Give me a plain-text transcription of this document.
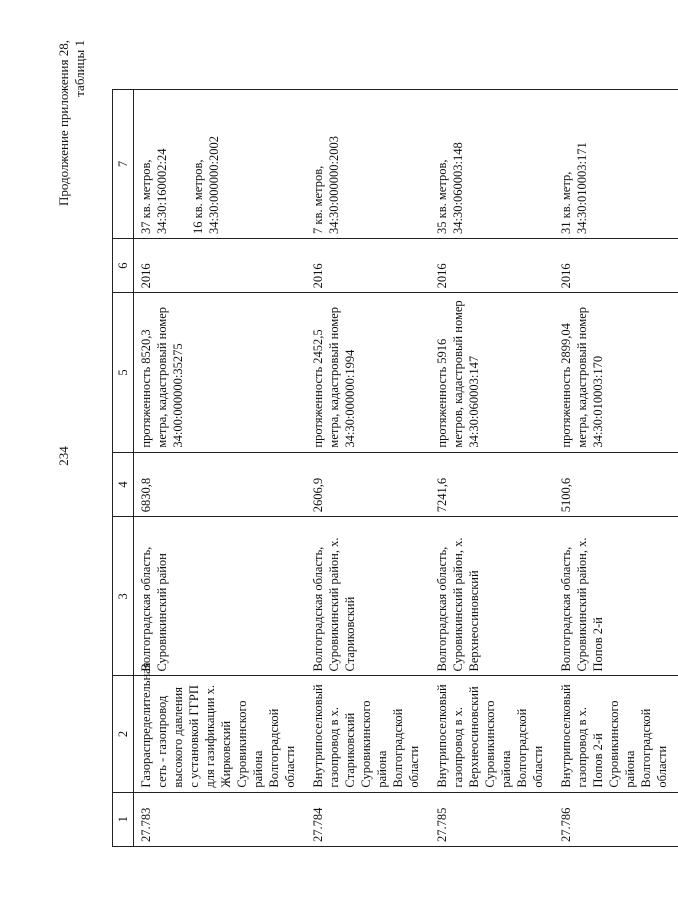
234
Продолжение приложения 28, таблицы 1
1	2	3	4	5	6	7
27.783	Газораспределительная сеть - газопровод высокого давления с установкой ГГРП для газификации х. Жирковский Суровикинского района Волгоградской области	Волгоградская область, Суровикинский район	6830,8	протяженность 8520,3 метра, кадастровый номер 34:00:000000:35275	2016	37 кв. метров, 34:30:160002:24 16 кв. метров, 34:30:000000:2002
27.784	Внутрипоселковый газопровод в х. Стариковский Суровикинского района Волгоградской области	Волгоградская область, Суровикинский район, х. Стариковский	2606,9	протяженность 2452,5 метра, кадастровый номер 34:30:000000:1994	2016	7 кв. метров, 34:30:000000:2003
27.785	Внутрипоселковый газопровод в х. Верхнеосиновский Суровикинского района Волгоградской области	Волгоградская область, Суровикинский район, х. Верхнеосиновский	7241,6	протяженность 5916 метров, кадастровый номер 34:30:060003:147	2016	35 кв. метров, 34:30:060003:148
27.786	Внутрипоселковый газопровод в х. Попов 2-й Суровикинского района Волгоградской области	Волгоградская область, Суровикинский район, х. Попов 2-й	5100,6	протяженность 2899,04 метра, кадастровый номер 34:30:010003:170	2016	31 кв. метр, 34:30:010003:171
